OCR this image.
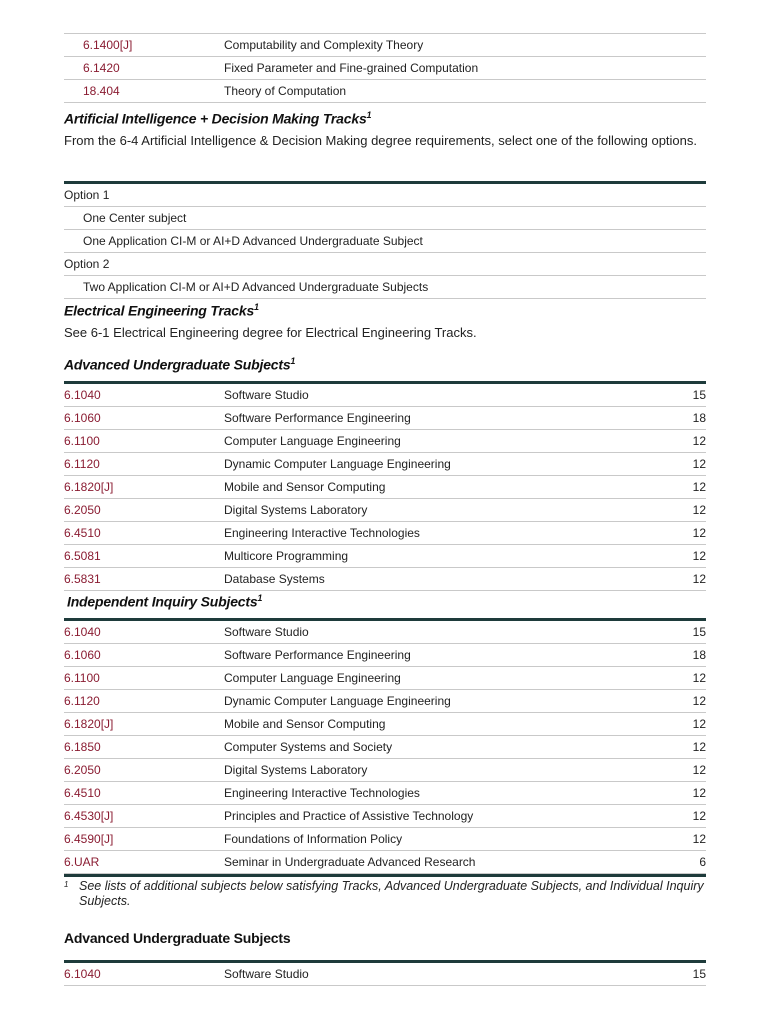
6.1400[J]	Computability and Complexity Theory
6.1420	Fixed Parameter and Fine-grained Computation
18.404	Theory of Computation
Artificial Intelligence + Decision Making Tracks$^1$

From the 6-4 Artificial Intelligence & Decision Making degree requirements, select one of the following options.

Option 1
One Center subject
One Application CI-M or AI+D Advanced Undergraduate Subject
Option 2
Two Application CI-M or AI+D Advanced Undergraduate Subjects
Electrical Engineering Tracks$^1$

See 6-1 Electrical Engineering degree for Electrical Engineering Tracks.

Advanced Undergraduate Subjects$^1$
6.1040	Software Studio	15
6.1060	Software Performance Engineering	18
6.1100	Computer Language Engineering	12
6.1120	Dynamic Computer Language Engineering	12
6.1820[J]	Mobile and Sensor Computing	12
6.2050	Digital Systems Laboratory	12
6.4510	Engineering Interactive Technologies	12
6.5081	Multicore Programming	12
6.5831	Database Systems	12
Independent Inquiry Subjects$^1$
6.1040	Software Studio	15
6.1060	Software Performance Engineering	18
6.1100	Computer Language Engineering	12
6.1120	Dynamic Computer Language Engineering	12
6.1820[J]	Mobile and Sensor Computing	12
6.1850	Computer Systems and Society	12
6.2050	Digital Systems Laboratory	12
6.4510	Engineering Interactive Technologies	12
6.4530[J]	Principles and Practice of Assistive Technology	12
6.4590[J]	Foundations of Information Policy	12
6.UAR	Seminar in Undergraduate Advanced Research	6
1 See lists of additional subjects below satisfying Tracks, Advanced Undergraduate Subjects, and Individual Inquiry Subjects.
Advanced Undergraduate Subjects
6.1040	Software Studio	15
